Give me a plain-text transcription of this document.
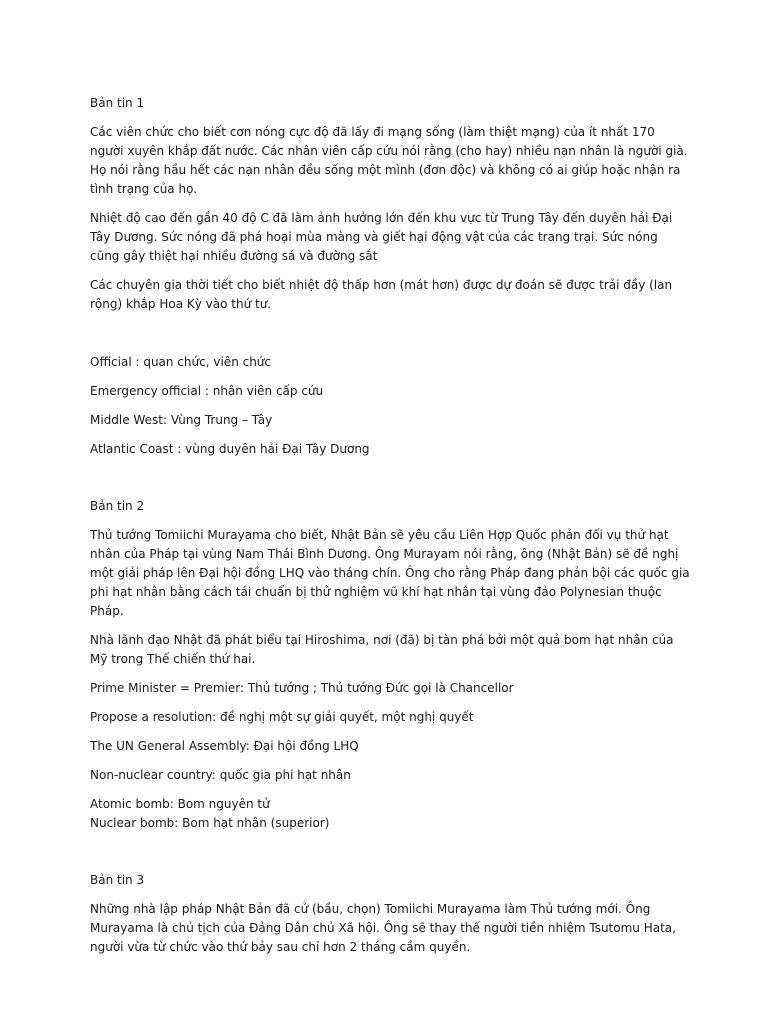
Bản tin 1

Các viên chức cho biết cơn nóng cực độ đã lấy đi mạng sống (làm thiệt mạng) của ít nhất 170 người xuyên khắp đất nước. Các nhân viên cấp cứu nói rằng (cho hay) nhiều nạn nhân là người già. Họ nói rằng hầu hết các nạn nhân đều sống một mình (đơn độc) và không có ai giúp hoặc nhận ra tình trạng của họ.

Nhiệt độ cao đến gần 40 độ C đã làm ảnh hưởng lớn đến khu vực từ Trung Tây đến duyên hải Đại Tây Dương. Sức nóng đã phá hoại mùa màng và giết hại động vật của các trang trại. Sức nóng cũng gây thiệt hại nhiều đường sá và đường sắt

Các chuyên gia thời tiết cho biết nhiệt độ thấp hơn (mát hơn) được dự đoán sẽ được trải đầy (lan rộng) khắp Hoa Kỳ vào thứ tư.

Official : quan chức, viên chức

Emergency official : nhân viên cấp cứu

Middle West: Vùng Trung – Tây

Atlantic Coast : vùng duyên hải Đại Tây Dương

Bản tin 2

Thủ tướng Tomiichi Murayama cho biết, Nhật Bản sẽ yêu cầu Liên Hợp Quốc phản đối vụ thử hạt nhân của Pháp tại vùng Nam Thái Bình Dương. Ông Murayam nói rằng, ông (Nhật Bản) sẽ đề nghị một giải pháp lên Đại hội đồng LHQ vào tháng chín. Ông cho rằng Pháp đang phản bội các quốc gia phi hạt nhân bằng cách tái chuẩn bị thử nghiệm vũ khí hạt nhân tại vùng đảo Polynesian thuộc Pháp.

Nhà lãnh đạo Nhật đã phát biểu tại Hiroshima, nơi (đã) bị tàn phá bởi một quả bom hạt nhân của Mỹ trong Thế chiến thứ hai.

Prime Minister = Premier: Thủ tướng ; Thủ tướng Đức gọi là Chancellor

Propose a resolution: đề nghị một sự giải quyết, một nghị quyết

The UN General Assembly: Đại hội đồng LHQ

Non-nuclear country: quốc gia phi hạt nhân

Atomic bomb: Bom nguyên tử
Nuclear bomb: Bom hạt nhân (superior)

Bản tin 3

Những nhà lập pháp Nhật Bản đã cử (bầu, chọn) Tomiichi Murayama làm Thủ tướng mới. Ông Murayama là chủ tịch của Đảng Dân chủ Xã hội. Ông sẽ thay thế người tiền nhiệm Tsutomu Hata, người vừa từ chức vào thứ bảy sau chỉ hơn 2 tháng cầm quyền.
